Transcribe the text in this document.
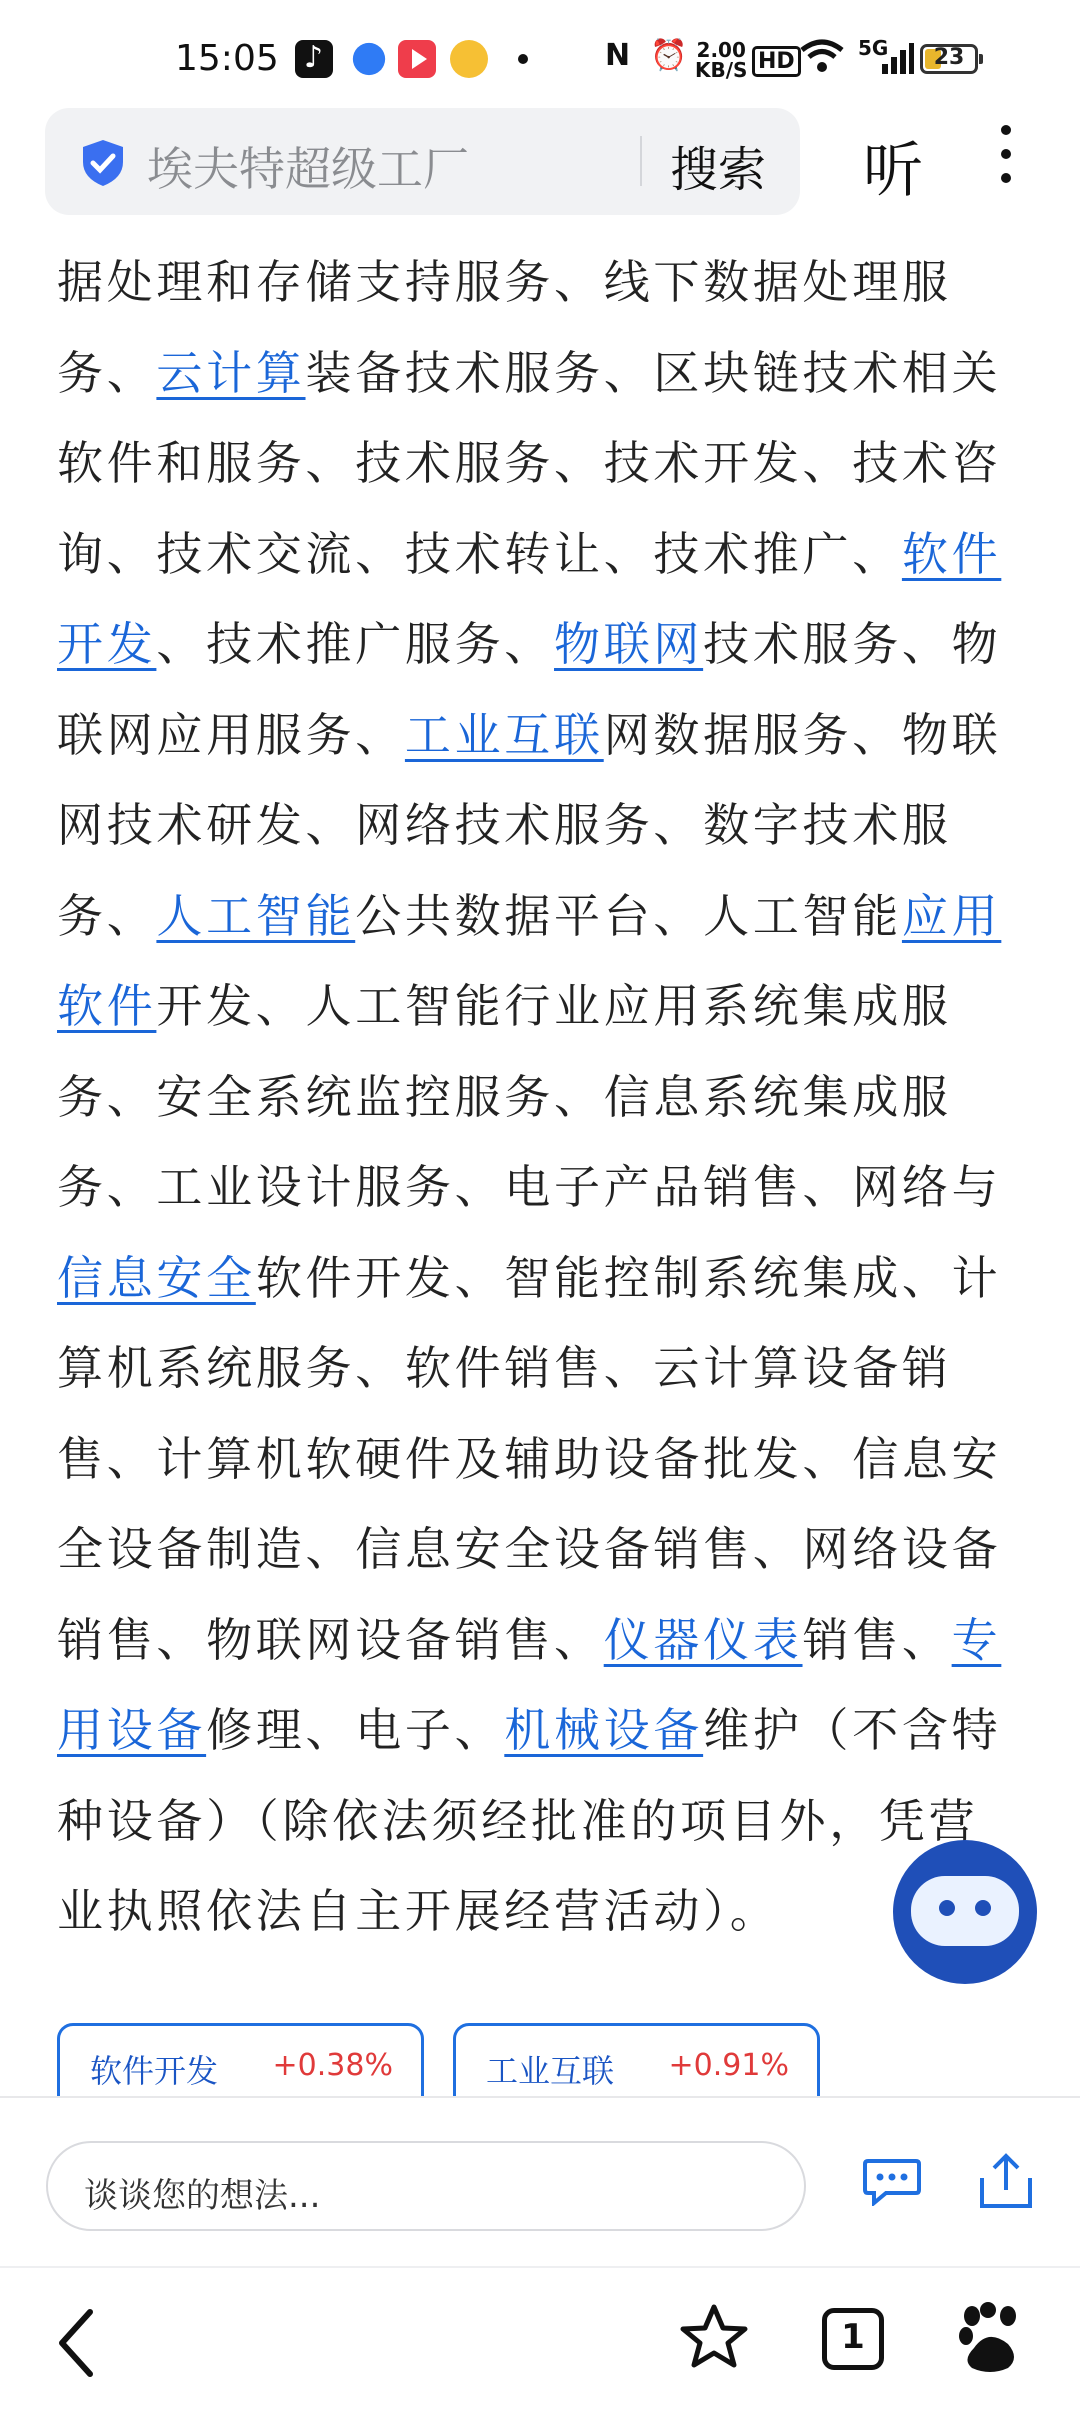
15:05
♪	N ⏰ 2.00
KB/S HD
5G	23
埃夫特超级工厂	搜索 听
据处理和存储支持服务、线下数据处理服务、云计算装备技术服务、区块链技术相关软件和服务、技术服务、技术开发、技术咨询、技术交流、技术转让、技术推广、软件开发、技术推广服务、物联网技术服务、物联网应用服务、工业互联网数据服务、物联网技术研发、网络技术服务、数字技术服务、人工智能公共数据平台、人工智能应用软件开发、人工智能行业应用系统集成服务、安全系统监控服务、信息系统集成服务、工业设计服务、电子产品销售、网络与信息安全软件开发、智能控制系统集成、计算机系统服务、软件销售、云计算设备销售、计算机软硬件及辅助设备批发、信息安全设备制造、信息安全设备销售、网络设备销售、物联网设备销售、仪器仪表销售、专用设备修理、电子、机械设备维护（不含特种设备）（除依法须经批准的项目外，凭营业执照依法自主开展经营活动）。
软件开发 +0.38%	工业互联 +0.91%
谈谈您的想法...
1
